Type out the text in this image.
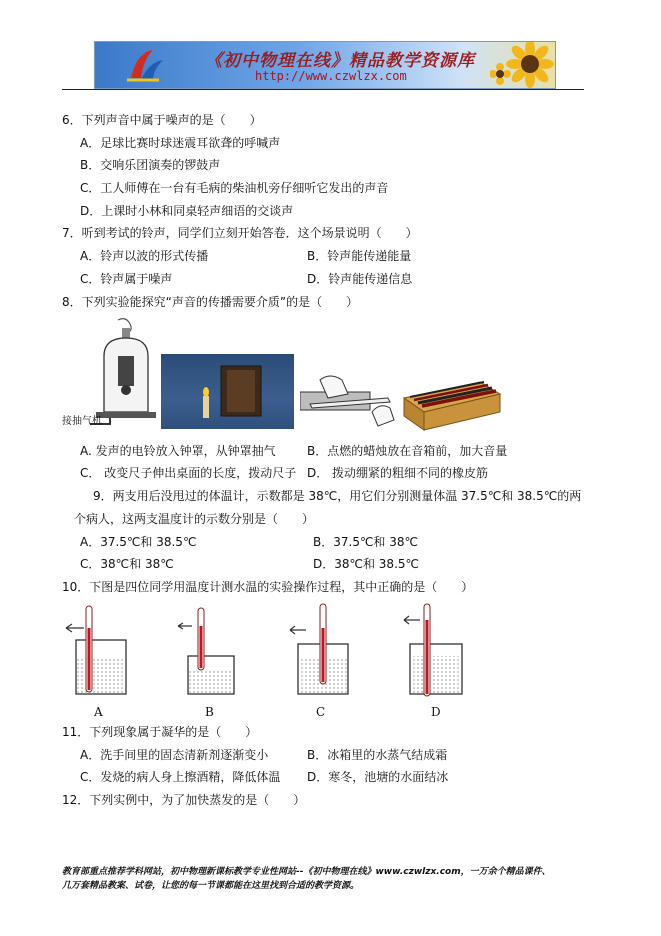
《初中物理在线》精品教学资源库
http://www.czwlzx.com
6．下列声音中属于噪声的是（　　）
A．足球比赛时球迷震耳欲聋的呼喊声
B．交响乐团演奏的锣鼓声
C．工人师傅在一台有毛病的柴油机旁仔细听它发出的声音
D．上课时小林和同桌轻声细语的交谈声
7．听到考试的铃声，同学们立刻开始答卷．这个场景说明（　　）
A．铃声以波的形式传播	B．铃声能传递能量
C．铃声属于噪声	D．铃声能传递信息
8．下列实验能探究“声音的传播需要介质”的是（　　）
接抽气机
A. 发声的电铃放入钟罩，从钟罩抽气	B．点燃的蜡烛放在音箱前，加大音量
C． 改变尺子伸出桌面的长度，拨动尺子 D． 拨动绷紧的粗细不同的橡皮筋
9．两支用后没甩过的体温计，示数都是 38℃，用它们分别测量体温 37.5℃和 38.5℃的两
个病人，这两支温度计的示数分别是（　　）
A．37.5℃和 38.5℃	B．37.5℃和 38℃
C．38℃和 38℃	D．38℃和 38.5℃
10．下图是四位同学用温度计测水温的实验操作过程，其中正确的是（　　）
A	B	C	D
11．下列现象属于凝华的是（　　）
A．洗手间里的固态清新剂逐渐变小	B．冰箱里的水蒸气结成霜
C．发烧的病人身上擦酒精，降低体温 D．寒冬，池塘的水面结冰
12．下列实例中，为了加快蒸发的是（　　）
教育部重点推荐学科网站，初中物理新课标教学专业性网站--《初中物理在线》www.czwlzx.com，一万余个精品课件、
几万套精品教案、试卷，让您的每一节课都能在这里找到合适的教学资源。
